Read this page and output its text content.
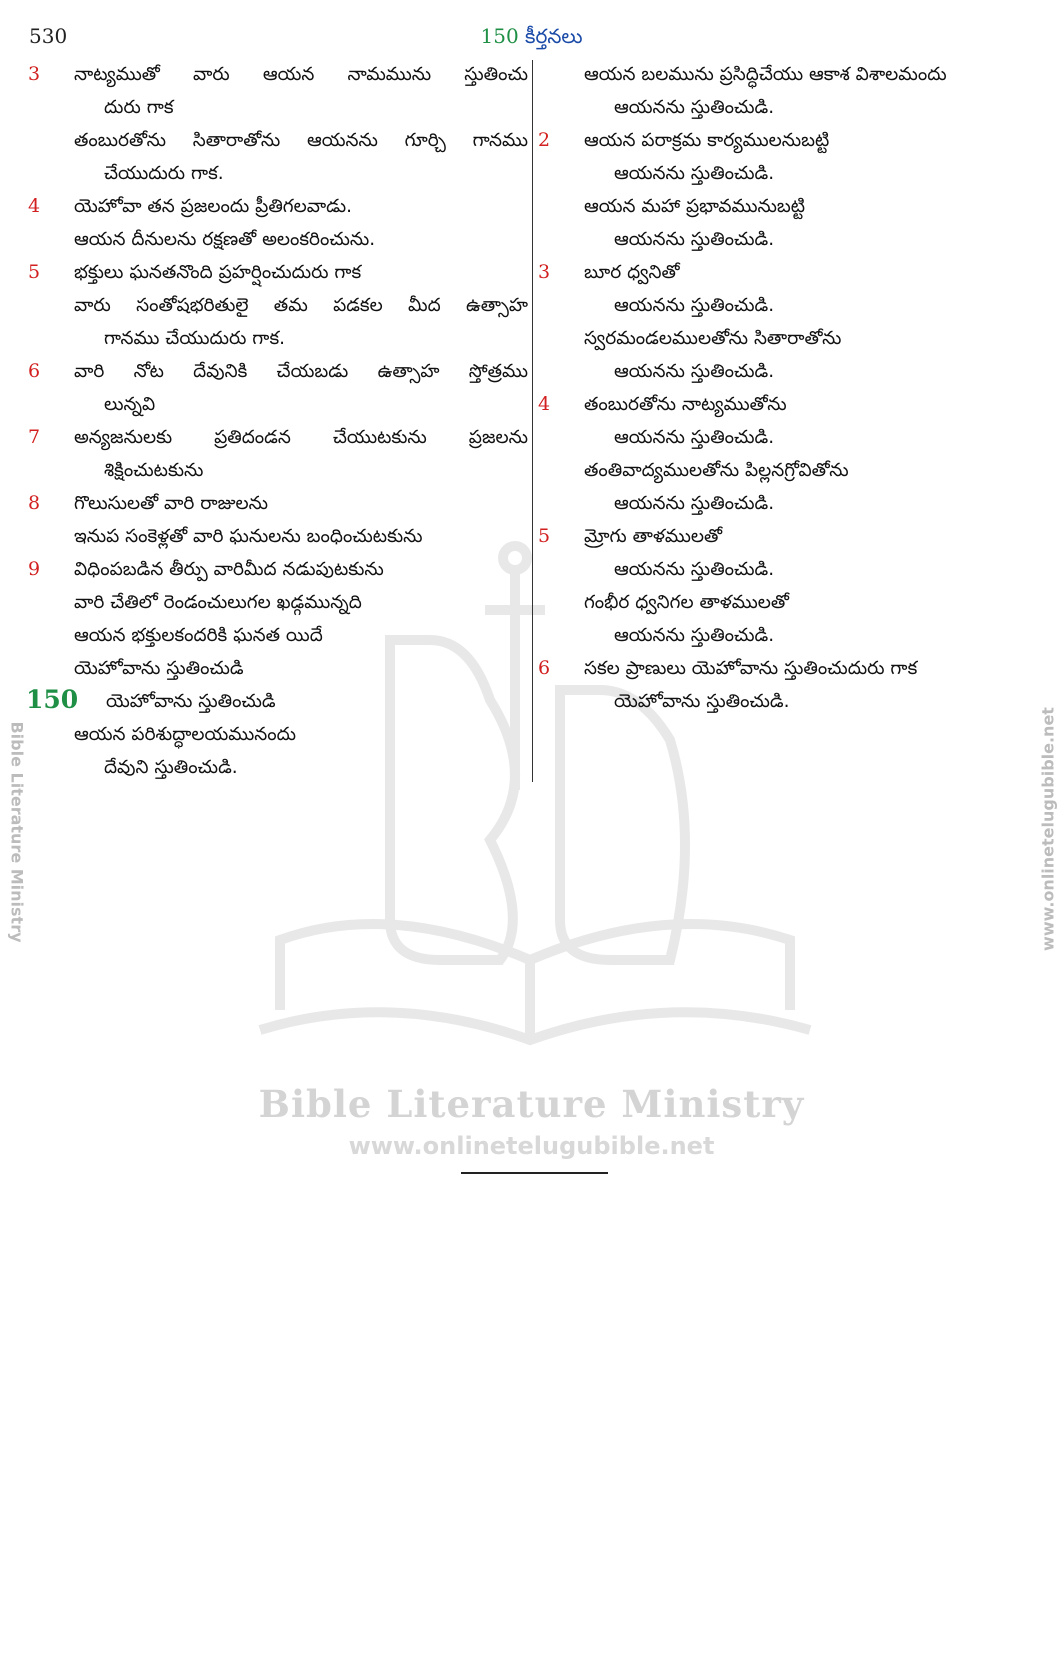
Bible Literature Ministry
www.onlinetelugubible.net
Bible Literature Ministry	www.onlinetelugubible.net
530	150 కీర్తనలు
3 నాట్యముతో వారు ఆయన నామమును స్తుతించు
దురు గాక
తంబురతోను సితారాతోను ఆయనను గూర్చి గానము
చేయుదురు గాక.
4 యెహోవా తన ప్రజలందు ప్రీతిగలవాడు.
ఆయన దీనులను రక్షణతో అలంకరించును.
5 భక్తులు ఘనతనొంది ప్రహర్షించుదురు గాక
వారు సంతోషభరితులై తమ పడకల మీద ఉత్సాహ
గానము చేయుదురు గాక.
6 వారి నోట దేవునికి చేయబడు ఉత్సాహ స్తోత్రము
లున్నవి
7 అన్యజనులకు ప్రతిదండన చేయుటకును ప్రజలను
శిక్షించుటకును
8 గొలుసులతో వారి రాజులను
ఇనుప సంకెళ్లతో వారి ఘనులను బంధించుటకును
9 విధింపబడిన తీర్పు వారిమీద నడుపుటకును
వారి చేతిలో రెండంచులుగల ఖడ్గమున్నది
ఆయన భక్తులకందరికి ఘనత యిదే
యెహోవాను స్తుతించుడి
150 యెహోవాను స్తుతించుడి
ఆయన పరిశుద్ధాలయమునందు
దేవుని స్తుతించుడి.
ఆయన బలమును ప్రసిద్ధిచేయు ఆకాశ విశాలమందు
ఆయనను స్తుతించుడి.
2 ఆయన పరాక్రమ కార్యములనుబట్టి
ఆయనను స్తుతించుడి.
ఆయన మహా ప్రభావమునుబట్టి
ఆయనను స్తుతించుడి.
3 బూర ధ్వనితో
ఆయనను స్తుతించుడి.
స్వరమండలములతోను సితారాతోను
ఆయనను స్తుతించుడి.
4 తంబురతోను నాట్యముతోను
ఆయనను స్తుతించుడి.
తంతివాద్యములతోను పిల్లనగ్రోవితోను
ఆయనను స్తుతించుడి.
5 మ్రోగు తాళములతో
ఆయనను స్తుతించుడి.
గంభీర ధ్వనిగల తాళములతో
ఆయనను స్తుతించుడి.
6 సకల ప్రాణులు యెహోవాను స్తుతించుదురు గాక
యెహోవాను స్తుతించుడి.
